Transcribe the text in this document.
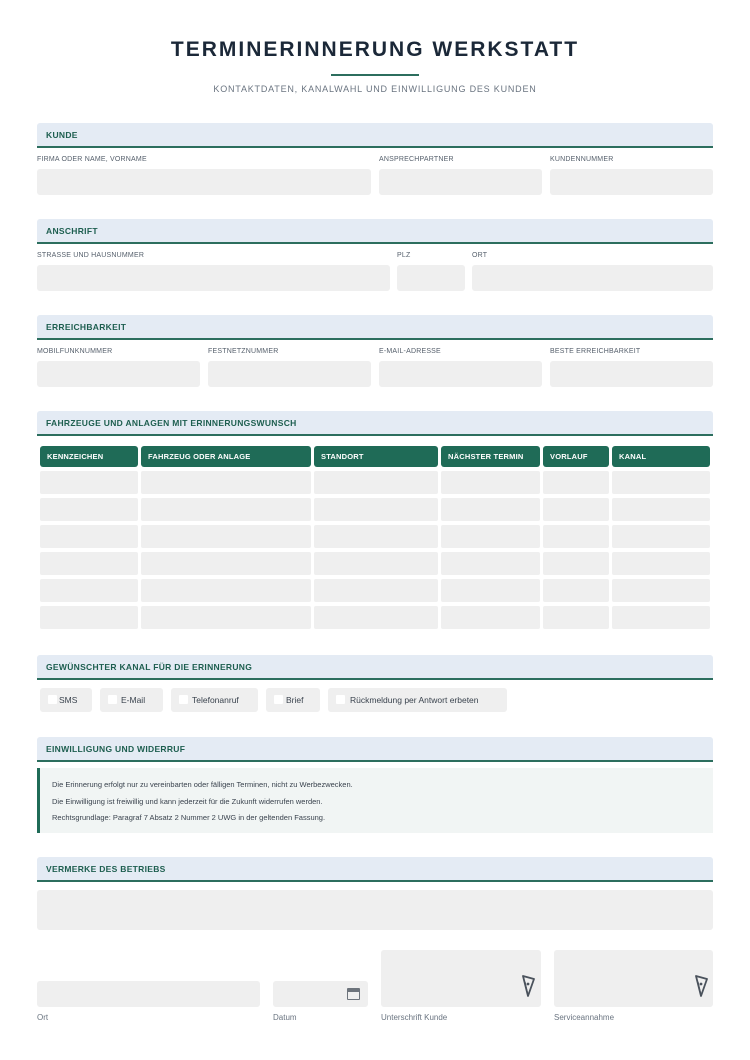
TERMINERINNERUNG WERKSTATT
KONTAKTDATEN, KANALWAHL UND EINWILLIGUNG DES KUNDEN
KUNDE
FIRMA ODER NAME, VORNAME	ANSPRECHPARTNER	KUNDENNUMMER
ANSCHRIFT
STRASSE UND HAUSNUMMER	PLZ	ORT
ERREICHBARKEIT
MOBILFUNKNUMMER	FESTNETZNUMMER	E-MAIL-ADRESSE	BESTE ERREICHBARKEIT
FAHRZEUGE UND ANLAGEN MIT ERINNERUNGSWUNSCH
KENNZEICHEN	FAHRZEUG ODER ANLAGE	STANDORT	NÄCHSTER TERMIN	VORLAUF	KANAL
GEWÜNSCHTER KANAL FÜR DIE ERINNERUNG
SMS	E-Mail	Telefonanruf	Brief	Rückmeldung per Antwort erbeten
EINWILLIGUNG UND WIDERRUF

Die Erinnerung erfolgt nur zu vereinbarten oder fälligen Terminen, nicht zu Werbezwecken.

Die Einwilligung ist freiwillig und kann jederzeit für die Zukunft widerrufen werden.

Rechtsgrundlage: Paragraf 7 Absatz 2 Nummer 2 UWG in der geltenden Fassung.

VERMERKE DES BETRIEBS
Ort	Datum	Unterschrift Kunde	Serviceannahme
